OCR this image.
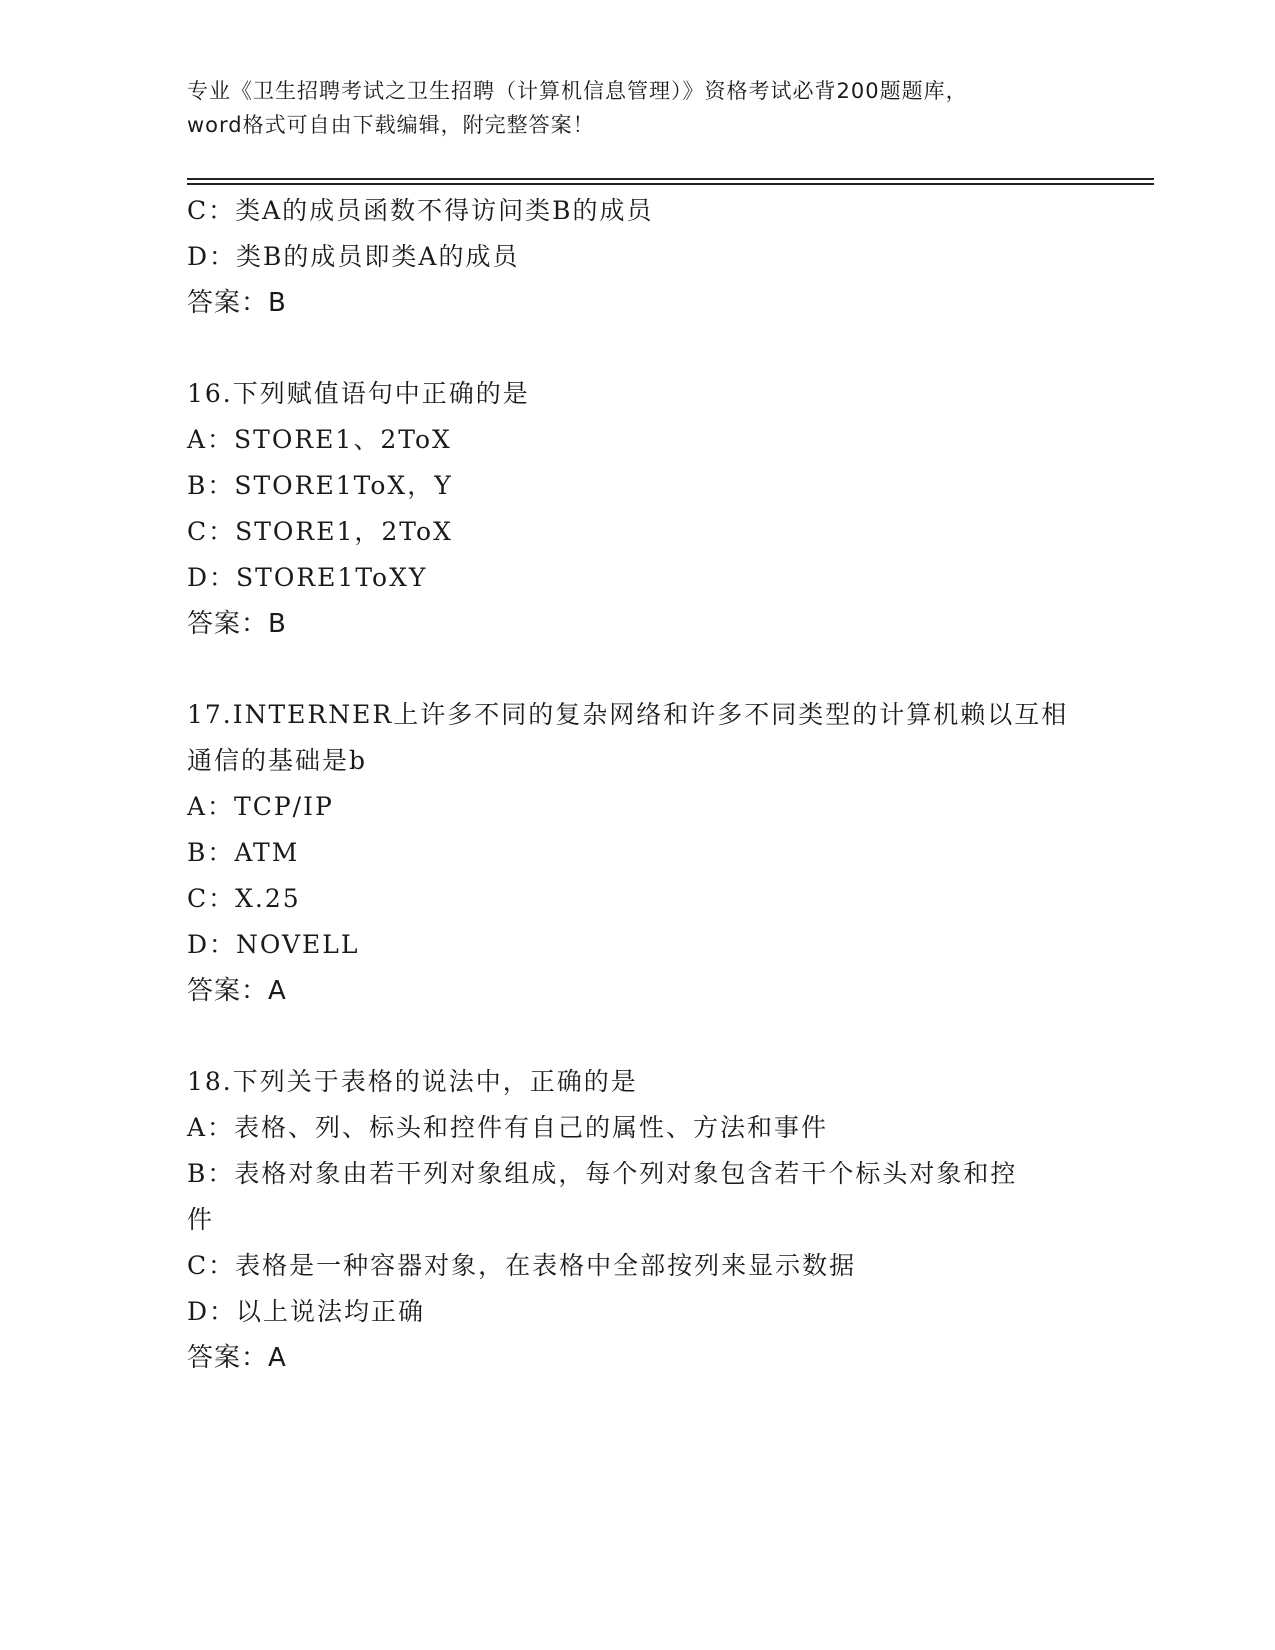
专业《卫生招聘考试之卫生招聘（计算机信息管理）》资格考试必背200题题库，
word格式可自由下载编辑，附完整答案！
C：类A的成员函数不得访问类B的成员
D：类B的成员即类A的成员
答案：B
16.下列赋值语句中正确的是
A：STORE1、2ToX
B：STORE1ToX，Y
C：STORE1，2ToX
D：STORE1ToXY
答案：B
17.INTERNER上许多不同的复杂网络和许多不同类型的计算机赖以互相
通信的基础是b
A：TCP/IP
B：ATM
C：X.25
D：NOVELL
答案：A
18.下列关于表格的说法中，正确的是
A：表格、列、标头和控件有自己的属性、方法和事件
B：表格对象由若干列对象组成，每个列对象包含若干个标头对象和控
件
C：表格是一种容器对象，在表格中全部按列来显示数据
D：以上说法均正确
答案：A
